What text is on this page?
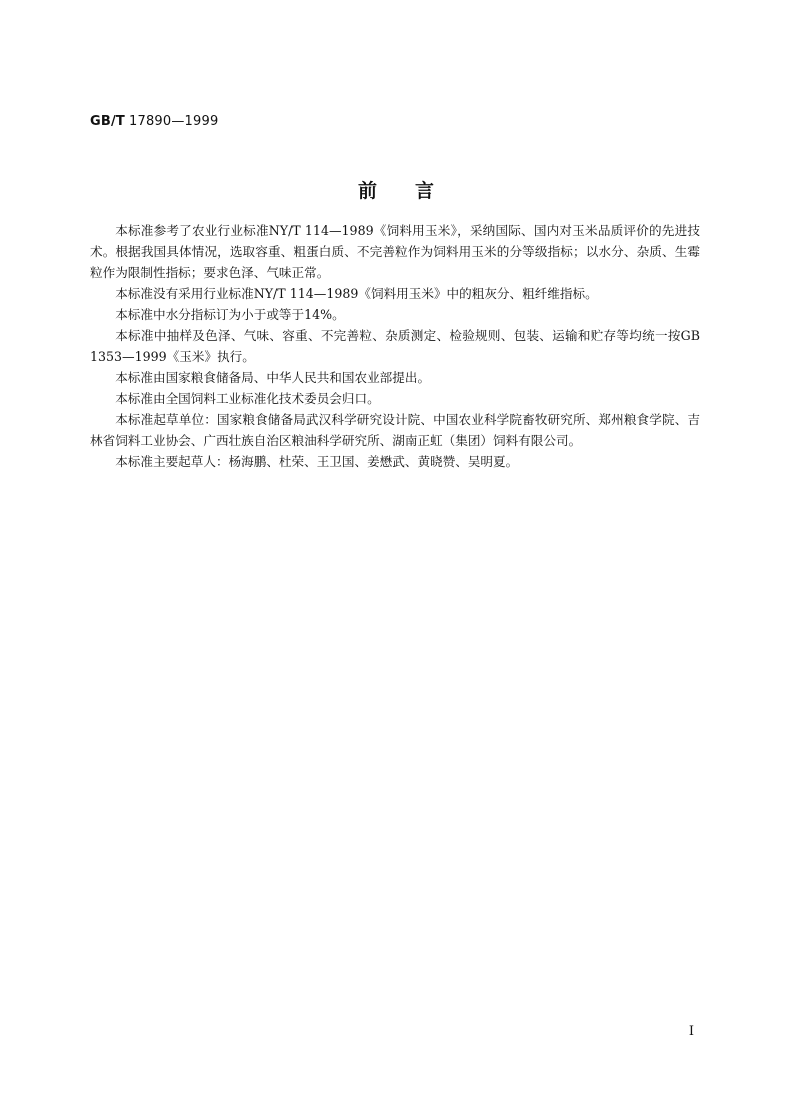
GB/T 17890—1999
前言

本标准参考了农业行业标准NY/T 114—1989《饲料用玉米》，采纳国际、国内对玉米品质评价的先进技术。根据我国具体情况，选取容重、粗蛋白质、不完善粒作为饲料用玉米的分等级指标；以水分、杂质、生霉粒作为限制性指标；要求色泽、气味正常。

本标准没有采用行业标准NY/T 114—1989《饲料用玉米》中的粗灰分、粗纤维指标。

本标准中水分指标订为小于或等于14%。

本标准中抽样及色泽、气味、容重、不完善粒、杂质测定、检验规则、包装、运输和贮存等均统一按GB 1353—1999《玉米》执行。

本标准由国家粮食储备局、中华人民共和国农业部提出。

本标准由全国饲料工业标准化技术委员会归口。

本标准起草单位：国家粮食储备局武汉科学研究设计院、中国农业科学院畜牧研究所、郑州粮食学院、吉林省饲料工业协会、广西壮族自治区粮油科学研究所、湖南正虹（集团）饲料有限公司。

本标准主要起草人：杨海鹏、杜荣、王卫国、姜懋武、黄晓赞、吴明夏。

I
